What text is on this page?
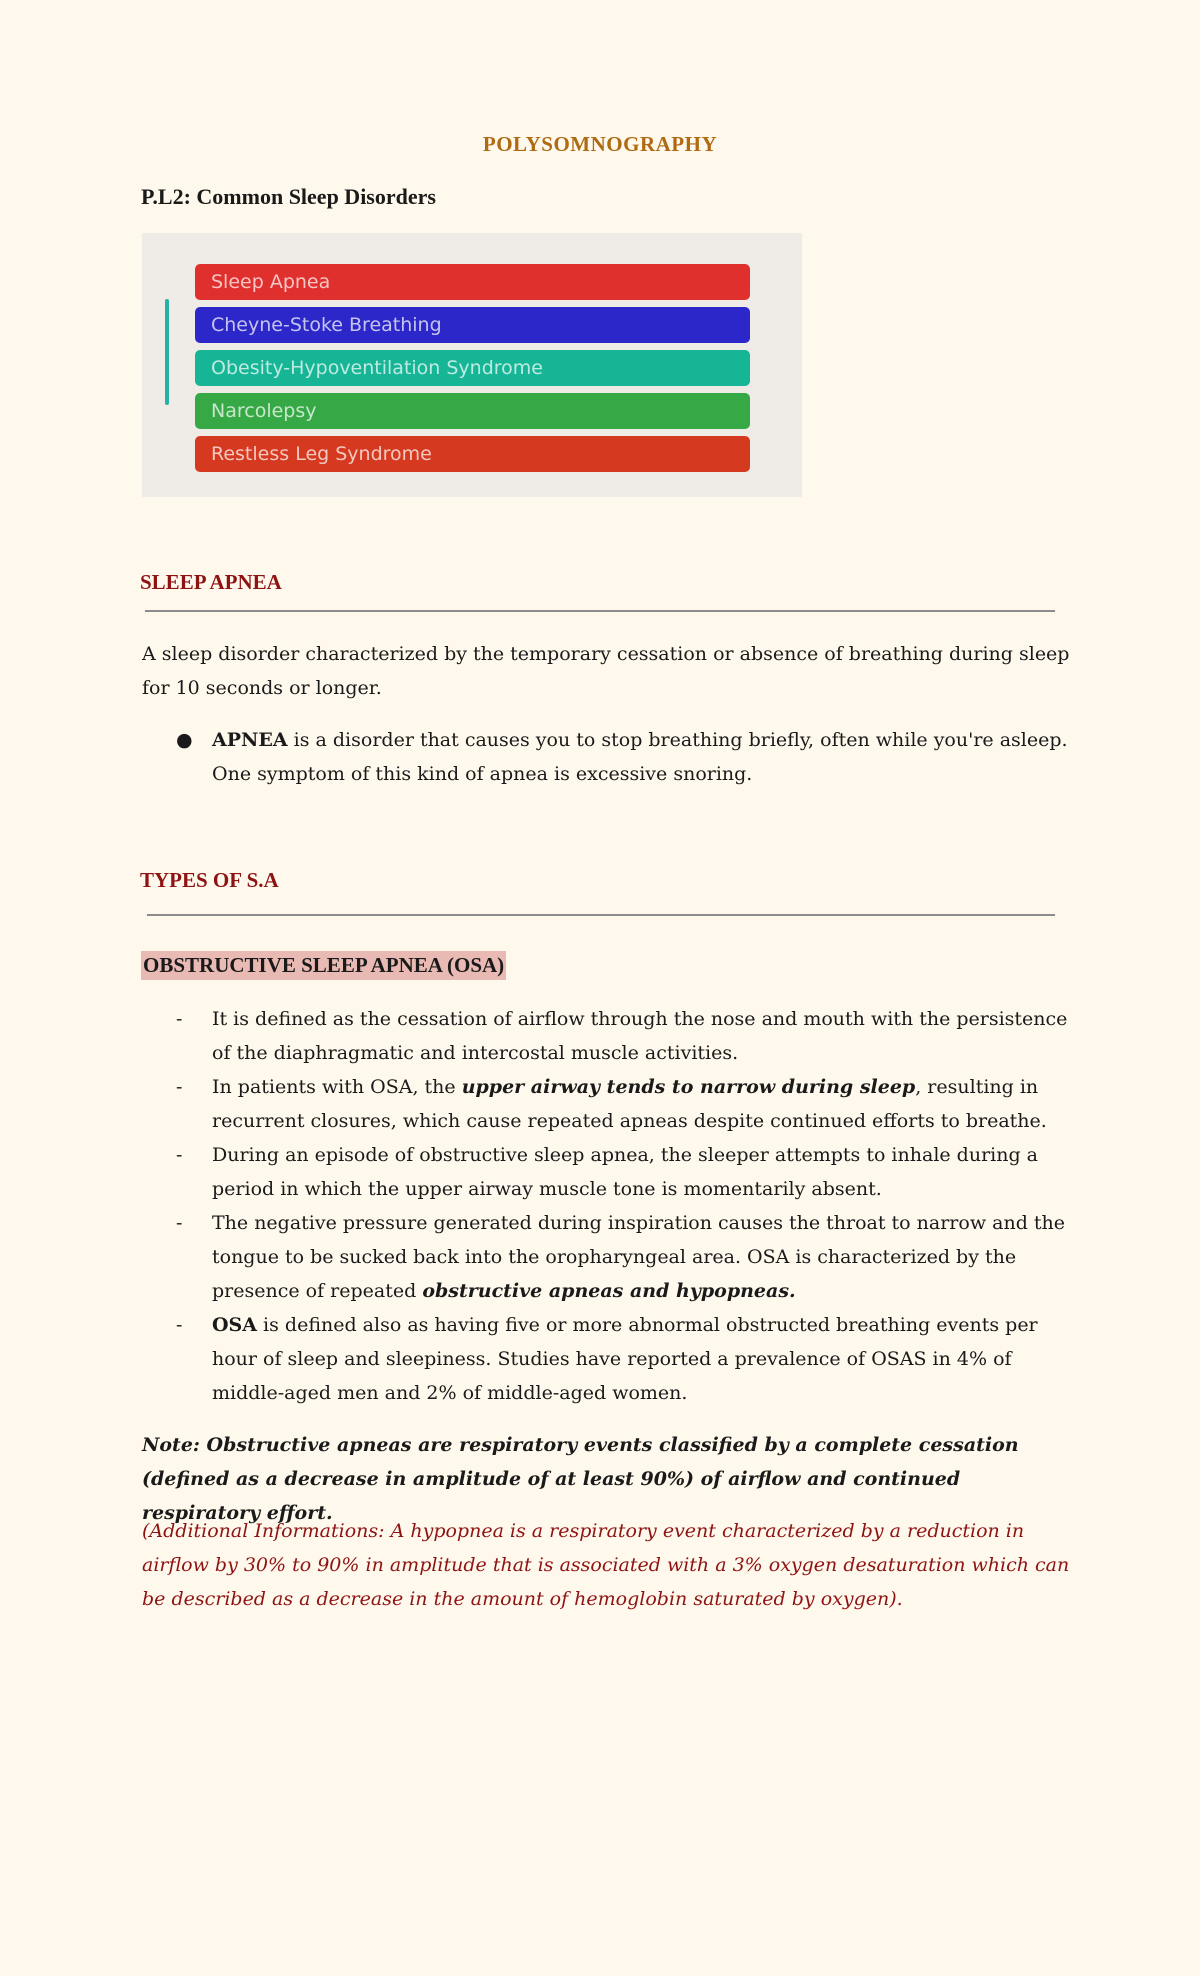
POLYSOMNOGRAPHY
P.L2: Common Sleep Disorders
Sleep Apnea
Cheyne-Stoke Breathing
Obesity-Hypoventilation Syndrome
Narcolepsy
Restless Leg Syndrome
SLEEP APNEA

A sleep disorder characterized by the temporary cessation or absence of breathing during sleep for 10 seconds or longer.

● APNEA is a disorder that causes you to stop breathing briefly, often while you're asleep. One symptom of this kind of apnea is excessive snoring.
TYPES OF S.A
OBSTRUCTIVE SLEEP APNEA (OSA)
- It is defined as the cessation of airflow through the nose and mouth with the persistence of the diaphragmatic and intercostal muscle activities.
- In patients with OSA, the upper airway tends to narrow during sleep, resulting in recurrent closures, which cause repeated apneas despite continued efforts to breathe.
- During an episode of obstructive sleep apnea, the sleeper attempts to inhale during a period in which the upper airway muscle tone is momentarily absent.
- The negative pressure generated during inspiration causes the throat to narrow and the tongue to be sucked back into the oropharyngeal area. OSA is characterized by the presence of repeated obstructive apneas and hypopneas.
- OSA is defined also as having five or more abnormal obstructed breathing events per hour of sleep and sleepiness. Studies have reported a prevalence of OSAS in 4% of middle-aged men and 2% of middle-aged women.
Note: Obstructive apneas are respiratory events classified by a complete cessation (defined as a decrease in amplitude of at least 90%) of airflow and continued respiratory effort.
(Additional Informations: A hypopnea is a respiratory event characterized by a reduction in airflow by 30% to 90% in amplitude that is associated with a 3% oxygen desaturation which can be described as a decrease in the amount of hemoglobin saturated by oxygen).
